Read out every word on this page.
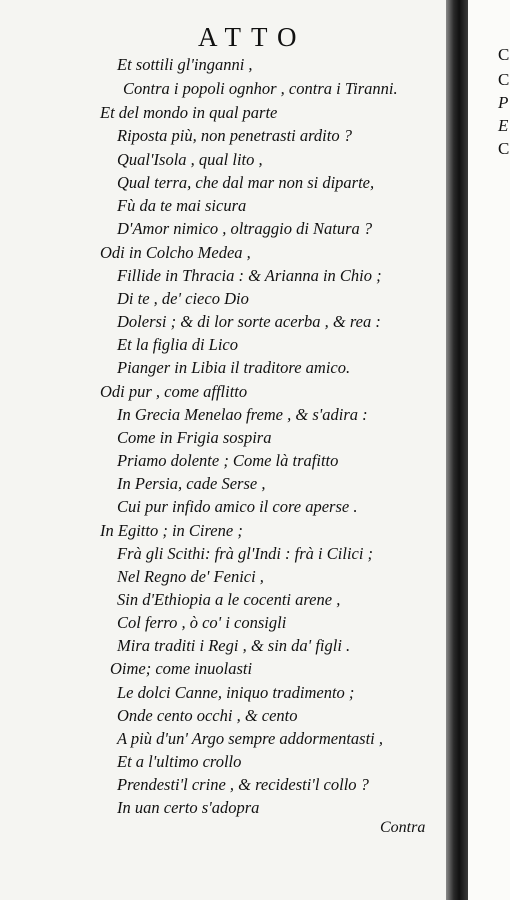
ATTO
Et sottili gl'inganni ,
Contra i popoli ognhor , contra i Tiranni.
Et del mondo in qual parte
Riposta più, non penetrasti ardito ?
Qual'Isola , qual lito ,
Qual terra, che dal mar non si diparte,
Fù da te mai sicura
D'Amor nimico , oltraggio di Natura ?
Odi in Colcho Medea ,
Fillide in Thracia : & Arianna in Chio ;
Di te , de' cieco Dio
Dolersi ; & di lor sorte acerba , & rea :
Et la figlia di Lico
Pianger in Libia il traditore amico.
Odi pur , come afflitto
In Grecia Menelao freme , & s'adira :
Come in Frigia sospira
Priamo dolente ; Come là trafitto
In Persia, cade Serse ,
Cui pur infido amico il core aperse .
In Egitto ; in Cirene ;
Frà gli Scithi: frà gl'Indi : frà i Cilici ;
Nel Regno de' Fenici ,
Sin d'Ethiopia a le cocenti arene ,
Col ferro , ò co' i consigli
Mira traditi i Regi , & sin da' figli .
Oime; come inuolasti
Le dolci Canne, iniquo tradimento ;
Onde cento occhi , & cento
A più d'un' Argo sempre addormentasti ,
Et a l'ultimo crollo
Prendesti'l crine , & recidesti'l collo ?
In uan certo s'adopra
Contra
C
C
P
E
C
